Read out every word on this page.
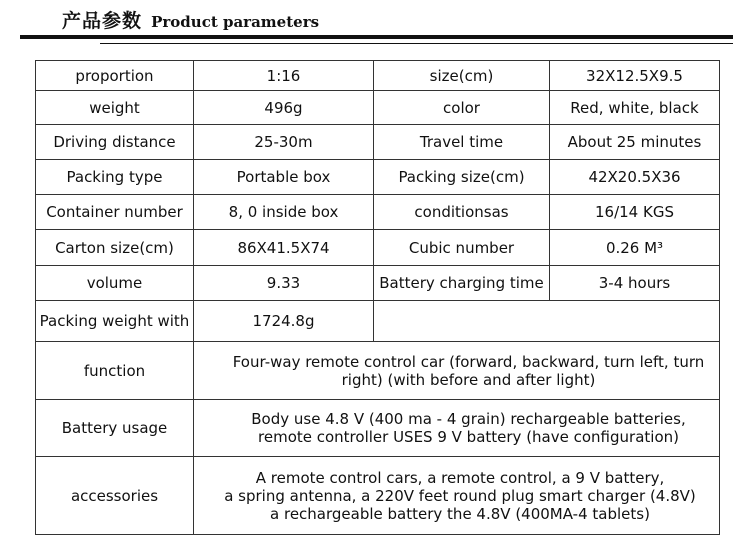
产品参数 Product parameters
proportion	1:16	size(cm)	32X12.5X9.5
weight	496g	color	Red, white, black
Driving distance	25-30m	Travel time	About 25 minutes
Packing type	Portable box	Packing size(cm)	42X20.5X36
Container number	8, 0 inside box	conditionsas	16/14 KGS
Carton size(cm)	86X41.5X74	Cubic number	0.26 M³
volume	9.33	Battery charging time	3-4 hours
Packing weight with	1724.8g		
function	Four-way remote control car (forward, backward, turn left, turn
right) (with before and after light)		

Battery usage	Body use 4.8 V (400 ma - 4 grain) rechargeable batteries,
remote controller USES 9 V battery (have configuration)		

accessories	A remote control cars, a remote control, a 9 V battery,
a spring antenna, a 220V feet round plug smart charger (4.8V)
a rechargeable battery the 4.8V (400MA-4 tablets)		
